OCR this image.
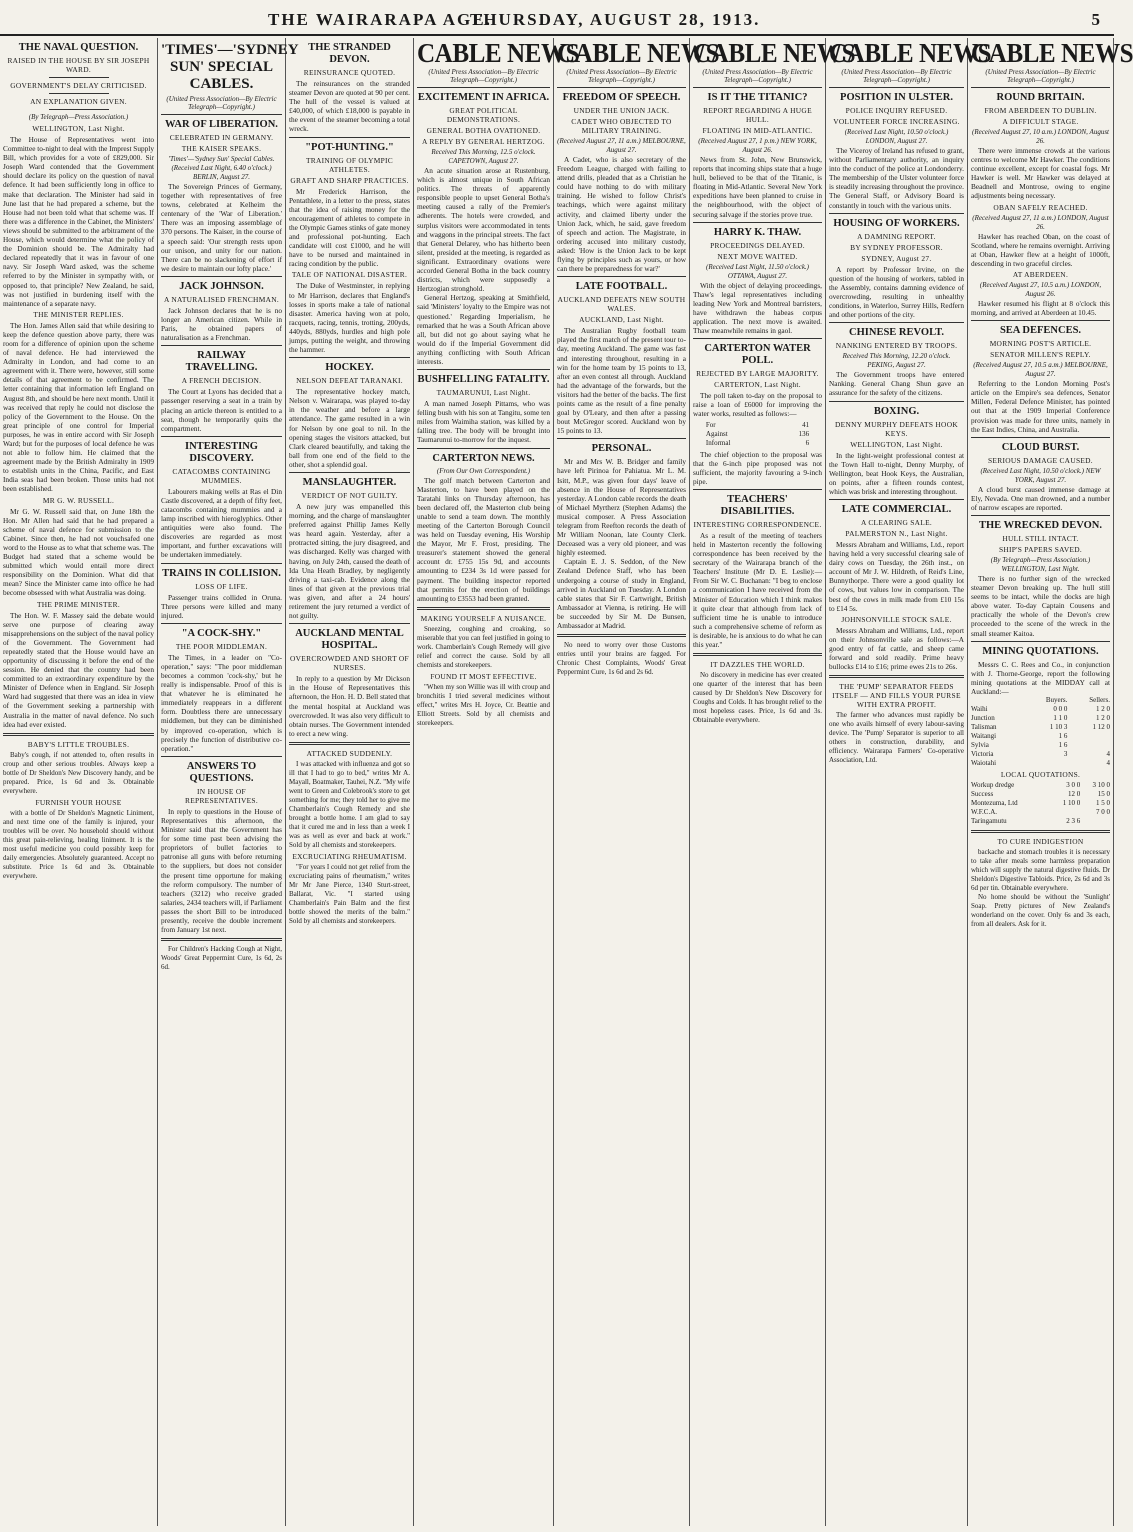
THE WAIRARAPA AGE.
THURSDAY, AUGUST 28, 1913.	5
THE NAVAL QUESTION.
RAISED IN THE HOUSE BY SIR JOSEPH WARD.
GOVERNMENT'S DELAY CRITICISED.
AN EXPLANATION GIVEN.
(By Telegraph—Press Association.)
WELLINGTON, Last Night.

The House of Representatives went into Committee to-night to deal with the Imprest Supply Bill, which provides for a vote of £829,000. Sir Joseph Ward contended that the Government should declare its policy on the question of naval defence. It had been sufficiently long in office to make that declaration. The Minister had said in June last that he had prepared a scheme, but the House had not been told what that scheme was. If there was a difference in the Cabinet, the Ministers' views should be submitted to the arbitrament of the House, which would determine what the policy of the Dominion should be. The Admiralty had declared repeatedly that it was in favour of one navy. Sir Joseph Ward asked, was the scheme referred to by the Minister in sympathy with, or opposed to, that principle? New Zealand, he said, was not justified in burdening itself with the maintenance of a separate navy.

THE MINISTER REPLIES.

The Hon. James Allen said that while desiring to keep the defence question above party, there was room for a difference of opinion upon the scheme of naval defence. He had interviewed the Admiralty in London, and had come to an agreement with it. There were, however, still some details of that agreement to be confirmed. The letter containing that information left England on August 8th, and should be here next month. Until it was received that reply he could not disclose the policy of the Government to the House. On the great principle of one control for Imperial purposes, he was in entire accord with Sir Joseph Ward; but for the purposes of local defence he was not able to follow him. He claimed that the agreement made by the British Admiralty in 1909 to establish units in the China, Pacific, and East India seas had been broken. Those units had not been established.

MR G. W. RUSSELL.

Mr G. W. Russell said that, on June 18th the Hon. Mr Allen had said that he had prepared a scheme of naval defence for submission to the Cabinet. Since then, he had not vouchsafed one word to the House as to what that scheme was. The Budget had stated that a scheme would be submitted which would entail more direct responsibility on the Dominion. What did that mean? Since the Minister came into office he had become obsessed with what Australia was doing.

THE PRIME MINISTER.

The Hon. W. F. Massey said the debate would serve one purpose of clearing away misapprehensions on the subject of the naval policy of the Government. The Government had repeatedly stated that the House would have an opportunity of discussing it before the end of the session. He denied that the country had been committed to an extraordinary expenditure by the Minister of Defence when in England. Sir Joseph Ward had suggested that there was an idea in view of the Government seeking a partnership with Australia in the matter of naval defence. No such idea had ever existed.

BABY'S LITTLE TROUBLES.

Baby's cough, if not attended to, often results in croup and other serious troubles. Always keep a bottle of Dr Sheldon's New Discovery handy, and be prepared. Price, 1s 6d and 3s. Obtainable everywhere.

FURNISH YOUR HOUSE

with a bottle of Dr Sheldon's Magnetic Liniment, and next time one of the family is injured, your troubles will be over. No household should without this great pain-relieving, healing liniment. It is the most useful medicine you could possibly keep for daily emergencies. Absolutely guaranteed. Accept no substitute. Price 1s 6d and 3s. Obtainable everywhere.

'TIMES'—'SYDNEY SUN' SPECIAL CABLES.
(United Press Association—By Electric Telegraph—Copyright.)
WAR OF LIBERATION.
CELEBRATED IN GERMANY.
THE KAISER SPEAKS.
'Times'—'Sydney Sun' Special Cables. (Received Last Night, 6.40 o'clock.) BERLIN, August 27.

The Sovereign Princes of Germany, together with representatives of free towns, celebrated at Kelheim the centenary of the 'War of Liberation.' There was an imposing assemblage of 370 persons. The Kaiser, in the course of a speech said: 'Our strength rests upon our unison, and unity for our nation. There can be no slackening of effort if we desire to maintain our lofty place.'

JACK JOHNSON.
A NATURALISED FRENCHMAN.

Jack Johnson declares that he is no longer an American citizen. While in Paris, he obtained papers of naturalisation as a Frenchman.

RAILWAY TRAVELLING.
A FRENCH DECISION.

The Court at Lyons has decided that a passenger reserving a seat in a train by placing an article thereon is entitled to a seat, though he temporarily quits the compartment.

INTERESTING DISCOVERY.
CATACOMBS CONTAINING MUMMIES.

Labourers making wells at Ras el Din Castle discovered, at a depth of fifty feet, catacombs containing mummies and a lamp inscribed with hieroglyphics. Other antiquities were also found. The discoveries are regarded as most important, and further excavations will be undertaken immediately.

TRAINS IN COLLISION.
LOSS OF LIFE.

Passenger trains collided in Oruna. Three persons were killed and many injured.

"A COCK-SHY."
THE POOR MIDDLEMAN.

The Times, in a leader on "Co-operation," says: "The poor middleman becomes a common 'cock-shy,' but he really is indispensable. Proof of this is that whatever he is eliminated he immediately reappears in a different form. Doubtless there are unnecessary middlemen, but they can be diminished by improved co-operation, which is precisely the function of distributive co-operation."

ANSWERS TO QUESTIONS.
IN HOUSE OF REPRESENTATIVES.

In reply to questions in the House of Representatives this afternoon, the Minister said that the Government has for some time past been advising the proprietors of bullet factories to patronise all guns with before returning to the suppliers, but does not consider the present time opportune for making the reform compulsory. The number of teachers (3212) who receive graded salaries, 2434 teachers will, if Parliament passes the short Bill to be introduced presently, receive the double increment from January 1st next.

For Children's Hacking Cough at Night, Woods' Great Peppermint Cure, 1s 6d, 2s 6d.

THE STRANDED DEVON.
REINSURANCE QUOTED.

The reinsurances on the stranded steamer Devon are quoted at 90 per cent. The hull of the vessel is valued at £40,000, of which £18,000 is payable in the event of the steamer becoming a total wreck.

"POT-HUNTING."
TRAINING OF OLYMPIC ATHLETES.
GRAFT AND SHARP PRACTICES.

Mr Frederick Harrison, the Pentathlete, in a letter to the press, states that the idea of raising money for the encouragement of athletes to compete in the Olympic Games stinks of gate money and professional pot-hunting. Each candidate will cost £1000, and he will have to be nursed and maintained in racing condition by the public.

TALE OF NATIONAL DISASTER.

The Duke of Westminster, in replying to Mr Harrison, declares that England's losses in sports make a tale of national disaster. America having won at polo, racquets, racing, tennis, trotting, 200yds, 440yds, 880yds, hurdles and high pole jumps, putting the weight, and throwing the hammer.

HOCKEY.
NELSON DEFEAT TARANAKI.

The representative hockey match, Nelson v. Wairarapa, was played to-day in the weather and before a large attendance. The game resulted in a win for Nelson by one goal to nil. In the opening stages the visitors attacked, but Clark cleared beautifully, and taking the ball from one end of the field to the other, shot a splendid goal.

MANSLAUGHTER.
VERDICT OF NOT GUILTY.

A new jury was empanelled this morning, and the charge of manslaughter preferred against Phillip James Kelly was heard again. Yesterday, after a protracted sitting, the jury disagreed, and was discharged. Kelly was charged with having, on July 24th, caused the death of Ida Una Heath Bradley, by negligently driving a taxi-cab. Evidence along the lines of that given at the previous trial was given, and after a 24 hours' retirement the jury returned a verdict of not guilty.

AUCKLAND MENTAL HOSPITAL.
OVERCROWDED AND SHORT OF NURSES.

In reply to a question by Mr Dickson in the House of Representatives this afternoon, the Hon. H. D. Bell stated that the mental hospital at Auckland was overcrowded. It was also very difficult to obtain nurses. The Government intended to erect a new wing.

ATTACKED SUDDENLY.

I was attacked with influenza and got so ill that I had to go to bed," writes Mr A. Mayall, Boatmaker, Tauhei, N.Z. "My wife went to Green and Colebrook's store to get something for me; they told her to give me Chamberlain's Cough Remedy and she brought a bottle home. I am glad to say that it cured me and in less than a week I was as well as ever and back at work." Sold by all chemists and storekeepers.

EXCRUCIATING RHEUMATISM.

"For years I could not get relief from the excruciating pains of rheumatism," writes Mr Mr Jane Pierce, 1340 Sturt-street, Ballarat, Vic. "I started using Chamberlain's Pain Balm and the first bottle showed the merits of the balm." Sold by all chemists and storekeepers.

CABLE NEWS
(United Press Association—By Electric Telegraph—Copyright.)
EXCITEMENT IN AFRICA.
GREAT POLITICAL DEMONSTRATIONS.
GENERAL BOTHA OVATIONED.
A REPLY BY GENERAL HERTZOG.
Received This Morning, 12.5 o'clock. CAPETOWN, August 27.

An acute situation arose at Rustenburg, which is almost unique in South African politics. The threats of apparently responsible people to upset General Botha's meeting caused a rally of the Premier's adherents. The hotels were crowded, and surplus visitors were accommodated in tents and waggons in the principal streets. The fact that General Delarey, who has hitherto been silent, presided at the meeting, is regarded as significant. Extraordinary ovations were accorded General Botha in the back country districts, which were supposedly a Hertzogian stronghold.

General Hertzog, speaking at Smithfield, said 'Ministers' loyalty to the Empire was not questioned.' Regarding Imperialism, he remarked that he was a South African above all, but did not go about saying what he would do if the Imperial Government did anything conflicting with South African interests.

BUSHFELLING FATALITY.
TAUMARUNUI, Last Night.

A man named Joseph Pittams, who was felling bush with his son at Tangitu, some ten miles from Waimiha station, was killed by a falling tree. The body will be brought into Taumarunui to-morrow for the inquest.

CARTERTON NEWS.
(From Our Own Correspondent.)

The golf match between Carterton and Masterton, to have been played on the Taratahi links on Thursday afternoon, has been declared off, the Masterton club being unable to send a team down. The monthly meeting of the Carterton Borough Council was held on Tuesday evening, His Worship the Mayor, Mr F. Frost, presiding. The treasurer's statement showed the general account dr. £755 15s 9d, and accounts amounting to £234 3s 1d were passed for payment. The building inspector reported that permits for the erection of buildings amounting to £3553 had been granted.

MAKING YOURSELF A NUISANCE.

Sneezing, coughing and croaking, so miserable that you can feel justified in going to work. Chamberlain's Cough Remedy will give relief and correct the cause. Sold by all chemists and storekeepers.

FOUND IT MOST EFFECTIVE.

"When my son Willie was ill with croup and bronchitis I tried several medicines without effect," writes Mrs H. Joyce, Cr. Beattie and Elliott Streets. Sold by all chemists and storekeepers.

CABLE NEWS
(United Press Association—By Electric Telegraph—Copyright.)
FREEDOM OF SPEECH.
UNDER THE UNION JACK.
CADET WHO OBJECTED TO MILITARY TRAINING.
(Received August 27, 11 a.m.) MELBOURNE, August 27.

A Cadet, who is also secretary of the Freedom League, charged with failing to attend drills, pleaded that as a Christian he could have nothing to do with military training. He wished to follow Christ's teachings, which were against military activity, and claimed liberty under the Union Jack, which, he said, gave freedom of speech and action. The Magistrate, in ordering accused into military custody, asked: 'How is the Union Jack to be kept flying by principles such as yours, or how can there be preparedness for war?'

LATE FOOTBALL.
AUCKLAND DEFEATS NEW SOUTH WALES.
AUCKLAND, Last Night.

The Australian Rugby football team played the first match of the present tour to-day, meeting Auckland. The game was fast and interesting throughout, resulting in a win for the home team by 15 points to 13, after an even contest all through. Auckland had the advantage of the forwards, but the visitors had the better of the backs. The first points came as the result of a fine penalty goal by O'Leary, and then after a passing bout McGregor scored. Auckland won by 15 points to 13.

PERSONAL.

Mr and Mrs W. B. Bridger and family have left Pirinoa for Pahiatua. Mr L. M. Isitt, M.P., was given four days' leave of absence in the House of Representatives yesterday. A London cable records the death of Michael Myrtherz (Stephen Adams) the musical composer. A Press Association telegram from Reefton records the death of Mr William Noonan, late County Clerk. Deceased was a very old pioneer, and was highly esteemed.

Captain E. J. S. Seddon, of the New Zealand Defence Staff, who has been undergoing a course of study in England, arrived in Auckland on Tuesday. A London cable states that Sir F. Cartwright, British Ambassador at Vienna, is retiring. He will be succeeded by Sir M. De Bunsen, Ambassador at Madrid.

No need to worry over those Customs entries until your brains are fagged. For Chronic Chest Complaints, Woods' Great Peppermint Cure, 1s 6d and 2s 6d.

CABLE NEWS
(United Press Association—By Electric Telegraph—Copyright.)
IS IT THE TITANIC?
REPORT REGARDING A HUGE HULL.
FLOATING IN MID-ATLANTIC.
(Received August 27, 1 p.m.) NEW YORK, August 26.

News from St. John, New Brunswick, reports that incoming ships state that a huge hull, believed to be that of the Titanic, is floating in Mid-Atlantic. Several New York expeditions have been planned to cruise in the neighbourhood, with the object of securing salvage if the stories prove true.

HARRY K. THAW.
PROCEEDINGS DELAYED.
NEXT MOVE WAITED.
(Received Last Night, 11.50 o'clock.) OTTAWA, August 27.

With the object of delaying proceedings, Thaw's legal representatives including leading New York and Montreal barristers, have withdrawn the habeas corpus application. The next move is awaited. Thaw meanwhile remains in gaol.

CARTERTON WATER POLL.
REJECTED BY LARGE MAJORITY.
CARTERTON, Last Night.

The poll taken to-day on the proposal to raise a loan of £6000 for improving the water works, resulted as follows:—

For	41
Against	136
Informal	6

The chief objection to the proposal was that the 6-inch pipe proposed was not sufficient, the majority favouring a 9-inch pipe.

TEACHERS' DISABILITIES.
INTERESTING CORRESPONDENCE.

As a result of the meeting of teachers held in Masterton recently the following correspondence has been received by the secretary of the Wairarapa branch of the Teachers' Institute (Mr D. E. Leslie):— From Sir W. C. Buchanan: "I beg to enclose a communication I have received from the Minister of Education which I think makes it quite clear that although from lack of sufficient time he is unable to introduce such a comprehensive scheme of reform as is desirable, he is anxious to do what he can this year."

IT DAZZLES THE WORLD.

No discovery in medicine has ever created one quarter of the interest that has been caused by Dr Sheldon's New Discovery for Coughs and Colds. It has brought relief to the most hopeless cases. Price, 1s 6d and 3s. Obtainable everywhere.

CABLE NEWS
(United Press Association—By Electric Telegraph—Copyright.)
POSITION IN ULSTER.
POLICE INQUIRY REFUSED.
VOLUNTEER FORCE INCREASING.
(Received Last Night, 10.50 o'clock.) LONDON, August 27.

The Viceroy of Ireland has refused to grant, without Parliamentary authority, an inquiry into the conduct of the police at Londonderry. The membership of the Ulster volunteer force is steadily increasing throughout the province. The General Staff, or Advisory Board is constantly in touch with the various units.

HOUSING OF WORKERS.
A DAMNING REPORT.
BY SYDNEY PROFESSOR.
SYDNEY, August 27.

A report by Professor Irvine, on the question of the housing of workers, tabled in the Assembly, contains damning evidence of overcrowding, resulting in unhealthy conditions, in Waterloo, Surrey Hills, Redfern and other portions of the city.

CHINESE REVOLT.
NANKING ENTERED BY TROOPS.
Received This Morning, 12.20 o'clock. PEKING, August 27.

The Government troops have entered Nanking. General Chang Shun gave an assurance for the safety of the citizens.

BOXING.
DENNY MURPHY DEFEATS HOOK KEYS.
WELLINGTON, Last Night.

In the light-weight professional contest at the Town Hall to-night, Denny Murphy, of Wellington, beat Hook Keys, the Australian, on points, after a fifteen rounds contest, which was brisk and interesting throughout.

LATE COMMERCIAL.
A CLEARING SALE.
PALMERSTON N., Last Night.

Messrs Abraham and Williams, Ltd., report having held a very successful clearing sale of dairy cows on Tuesday, the 26th inst., on account of Mr J. W. Hildreth, of Reid's Line, Bunnythorpe. There were a good quality lot of cows, but values low in comparison. The best of the cows in milk made from £10 15s to £14 5s.

JOHNSONVILLE STOCK SALE.

Messrs Abraham and Williams, Ltd., report on their Johnsonville sale as follows:—A good entry of fat cattle, and sheep came forward and sold readily. Prime heavy bullocks £14 to £16; prime ewes 21s to 26s.

THE 'PUMP' SEPARATOR FEEDS ITSELF — AND FILLS YOUR PURSE WITH EXTRA PROFIT.

The farmer who advances must rapidly be one who avails himself of every labour-saving device. The 'Pump' Separator is superior to all others in construction, durability, and efficiency. Wairarapa Farmers' Co-operative Association, Ltd.

CABLE NEWS
(United Press Association—By Electric Telegraph—Copyright.)
ROUND BRITAIN.
FROM ABERDEEN TO DUBLIN.
A DIFFICULT STAGE.
(Received August 27, 10 a.m.) LONDON, August 26.

There were immense crowds at the various centres to welcome Mr Hawker. The conditions continue excellent, except for coastal fogs. Mr Hawker is well. Mr Hawker was delayed at Beadnell and Montrose, owing to engine adjustments being necessary.

OBAN SAFELY REACHED.
(Received August 27, 11 a.m.) LONDON, August 26.

Hawker has reached Oban, on the coast of Scotland, where he remains overnight. Arriving at Oban, Hawker flew at a height of 1000ft, descending in two graceful circles.

AT ABERDEEN.
(Received August 27, 10.5 a.m.) LONDON, August 26.

Hawker resumed his flight at 8 o'clock this morning, and arrived at Aberdeen at 10.45.

SEA DEFENCES.
MORNING POST'S ARTICLE.
SENATOR MILLEN'S REPLY.
(Received August 27, 10.5 a.m.) MELBOURNE, August 27.

Referring to the London Morning Post's article on the Empire's sea defences, Senator Millen, Federal Defence Minister, has pointed out that at the 1909 Imperial Conference provision was made for three units, namely in the East Indies, China, and Australia.

CLOUD BURST.
SERIOUS DAMAGE CAUSED.
(Received Last Night, 10.50 o'clock.) NEW YORK, August 27.

A cloud burst caused immense damage at Ely, Nevada. One man drowned, and a number of narrow escapes are reported.

THE WRECKED DEVON.
HULL STILL INTACT.
SHIP'S PAPERS SAVED.
(By Telegraph—Press Association.) WELLINGTON, Last Night.

There is no further sign of the wrecked steamer Devon breaking up. The hull still seems to be intact, while the docks are high above water. To-day Captain Cousens and practically the whole of the Devon's crew proceeded to the scene of the wreck in the small steamer Kaitoa.

MINING QUOTATIONS.

Messrs C. C. Rees and Co., in conjunction with J. Thorne-George, report the following mining quotations at the MIDDAY call at Auckland:—

	Buyers.	Sellers.
Waihi	0 0 0	1 2 0
Junction	1 1 0	1 2 0
Talisman	1 10 3	1 12 0
Waitangi	1 6	
Sylvia	1 6	
Victoria	3	4
Waiotahi		4
LOCAL QUOTATIONS.
Workup dredge	3 0 0	3 10 0
Success	12 0	15 0
Montezuma, Ltd	1 10 0	1 5 0
W.F.C.A.		7 0 0
Taringamutu	2 3 6	
TO CURE INDIGESTION

backache and stomach troubles it is necessary to take after meals some harmless preparation which will supply the natural digestive fluids. Dr Sheldon's Digestive Tabloids. Price, 2s 6d and 3s 6d per tin. Obtainable everywhere.

No home should be without the 'Sunlight' Soap. Pretty pictures of New Zealand's wonderland on the cover. Only 6s and 3s each, from all dealers. Ask for it.
